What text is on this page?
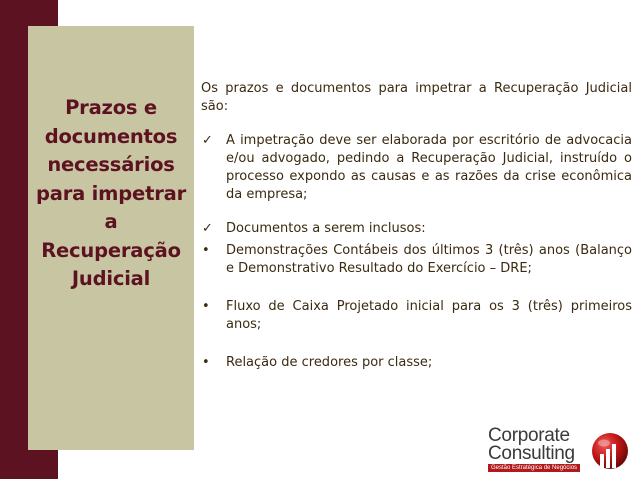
Prazos e
documentos
necessários
para impetrar
a
Recuperação
Judicial
Os prazos e documentos para impetrar a Recuperação Judicial são:
✓	A impetração deve ser elaborada por escritório de advocacia e/ou advogado, pedindo a Recuperação Judicial, instruído o processo expondo as causas e as razões da crise econômica da empresa;
✓	Documentos a serem inclusos:
•	Demonstrações Contábeis dos últimos 3 (três) anos (Balanço e Demonstrativo Resultado do Exercício – DRE;
•	Fluxo de Caixa Projetado inicial para os 3 (três) primeiros anos;
•	Relação de credores por classe;
Corporate
Consulting
Gestão Estratégica de Negócios
